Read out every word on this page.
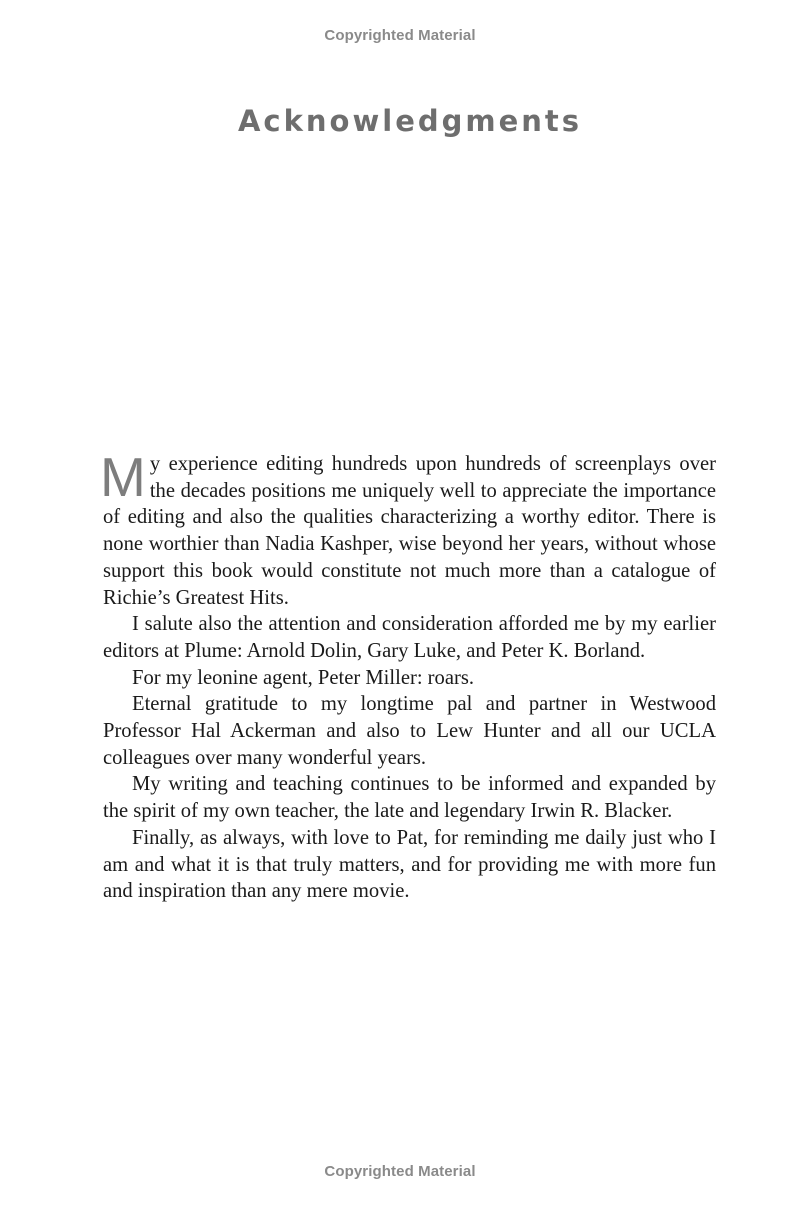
Copyrighted Material
Acknowledgments

My experience editing hundreds upon hundreds of screenplays over the decades positions me uniquely well to appreciate the importance of editing and also the qualities characterizing a worthy editor. There is none worthier than Nadia Kashper, wise beyond her years, without whose support this book would constitute not much more than a catalogue of Richie’s Greatest Hits.

I salute also the attention and consideration afforded me by my earlier editors at Plume: Arnold Dolin, Gary Luke, and Peter K. Borland.

For my leonine agent, Peter Miller: roars.

Eternal gratitude to my longtime pal and partner in Westwood Professor Hal Ackerman and also to Lew Hunter and all our UCLA colleagues over many wonderful years.

My writing and teaching continues to be informed and expanded by the spirit of my own teacher, the late and legendary Irwin R. Blacker.

Finally, as always, with love to Pat, for reminding me daily just who I am and what it is that truly matters, and for providing me with more fun and inspiration than any mere movie.

Copyrighted Material
